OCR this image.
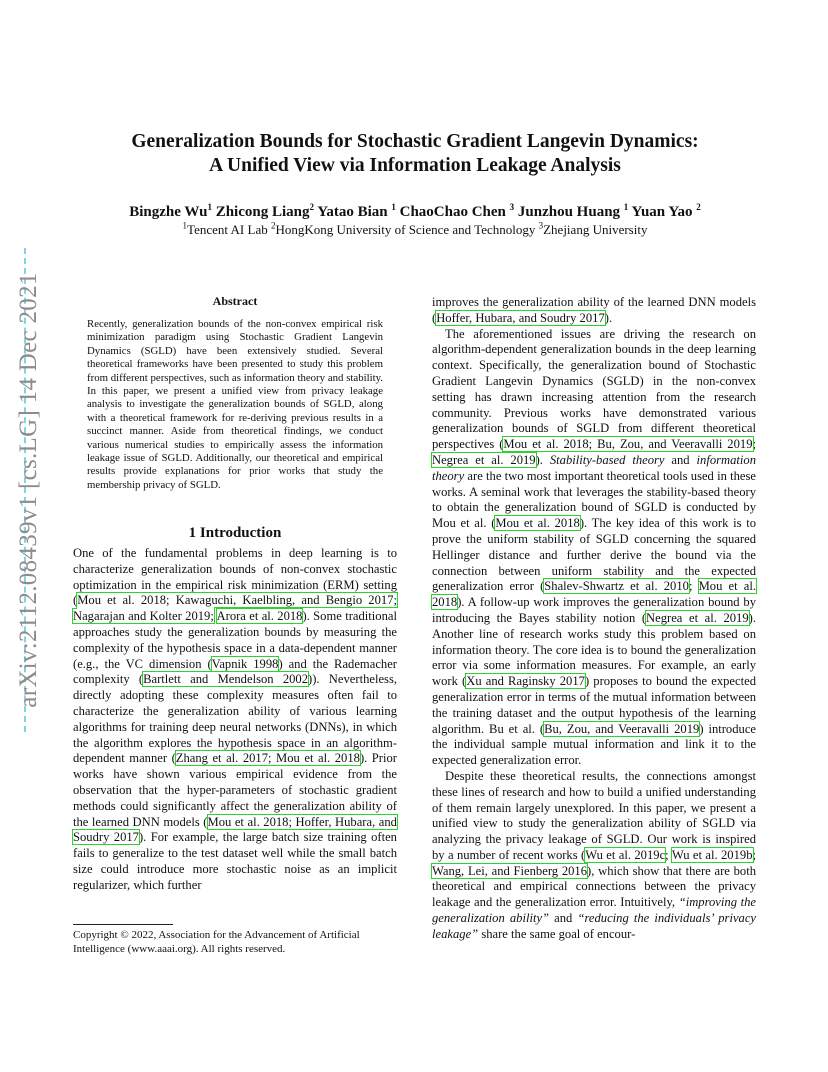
arXiv:2112.08439v1 [cs.LG] 14 Dec 2021
Generalization Bounds for Stochastic Gradient Langevin Dynamics:
A Unified View via Information Leakage Analysis
Bingzhe Wu$^1$ Zhicong Liang$^2$ Yatao Bian $^1$ ChaoChao Chen $^3$ Junzhou Huang $^1$ Yuan Yao $^2$
$^1$Tencent AI Lab $^2$HongKong University of Science and Technology $^3$Zhejiang University
Abstract
Recently, generalization bounds of the non-convex empirical risk minimization paradigm using Stochastic Gradient Langevin Dynamics (SGLD) have been extensively studied. Several theoretical frameworks have been presented to study this problem from different perspectives, such as information theory and stability. In this paper, we present a unified view from privacy leakage analysis to investigate the generalization bounds of SGLD, along with a theoretical framework for re-deriving previous results in a succinct manner. Aside from theoretical findings, we conduct various numerical studies to empirically assess the information leakage issue of SGLD. Additionally, our theoretical and empirical results provide explanations for prior works that study the membership privacy of SGLD.
1 Introduction

One of the fundamental problems in deep learning is to characterize generalization bounds of non-convex stochastic optimization in the empirical risk minimization (ERM) setting (Mou et al. 2018; Kawaguchi, Kaelbling, and Bengio 2017; Nagarajan and Kolter 2019; Arora et al. 2018). Some traditional approaches study the generalization bounds by measuring the complexity of the hypothesis space in a data-dependent manner (e.g., the VC dimension (Vapnik 1998) and the Rademacher complexity (Bartlett and Mendelson 2002)). Nevertheless, directly adopting these complexity measures often fail to characterize the generalization ability of various learning algorithms for training deep neural networks (DNNs), in which the algorithm explores the hypothesis space in an algorithm-dependent manner (Zhang et al. 2017; Mou et al. 2018). Prior works have shown various empirical evidence from the observation that the hyper-parameters of stochastic gradient methods could significantly affect the generalization ability of the learned DNN models (Mou et al. 2018; Hoffer, Hubara, and Soudry 2017). For example, the large batch size training often fails to generalize to the test dataset well while the small batch size could introduce more stochastic noise as an implicit regularizer, which further

Copyright © 2022, Association for the Advancement of Artificial Intelligence (www.aaai.org). All rights reserved.

improves the generalization ability of the learned DNN models (Hoffer, Hubara, and Soudry 2017).

The aforementioned issues are driving the research on algorithm-dependent generalization bounds in the deep learning context. Specifically, the generalization bound of Stochastic Gradient Langevin Dynamics (SGLD) in the non-convex setting has drawn increasing attention from the research community. Previous works have demonstrated various generalization bounds of SGLD from different theoretical perspectives (Mou et al. 2018; Bu, Zou, and Veeravalli 2019; Negrea et al. 2019). Stability-based theory and information theory are the two most important theoretical tools used in these works. A seminal work that leverages the stability-based theory to obtain the generalization bound of SGLD is conducted by Mou et al. (Mou et al. 2018). The key idea of this work is to prove the uniform stability of SGLD concerning the squared Hellinger distance and further derive the bound via the connection between uniform stability and the expected generalization error (Shalev-Shwartz et al. 2010; Mou et al. 2018). A follow-up work improves the generalization bound by introducing the Bayes stability notion (Negrea et al. 2019). Another line of research works study this problem based on information theory. The core idea is to bound the generalization error via some information measures. For example, an early work (Xu and Raginsky 2017) proposes to bound the expected generalization error in terms of the mutual information between the training dataset and the output hypothesis of the learning algorithm. Bu et al. (Bu, Zou, and Veeravalli 2019) introduce the individual sample mutual information and link it to the expected generalization error.

Despite these theoretical results, the connections amongst these lines of research and how to build a unified understanding of them remain largely unexplored. In this paper, we present a unified view to study the generalization ability of SGLD via analyzing the privacy leakage of SGLD. Our work is inspired by a number of recent works (Wu et al. 2019c; Wu et al. 2019b; Wang, Lei, and Fienberg 2016), which show that there are both theoretical and empirical connections between the privacy leakage and the generalization error. Intuitively, “improving the generalization ability” and “reducing the individuals’ privacy leakage” share the same goal of encour-
